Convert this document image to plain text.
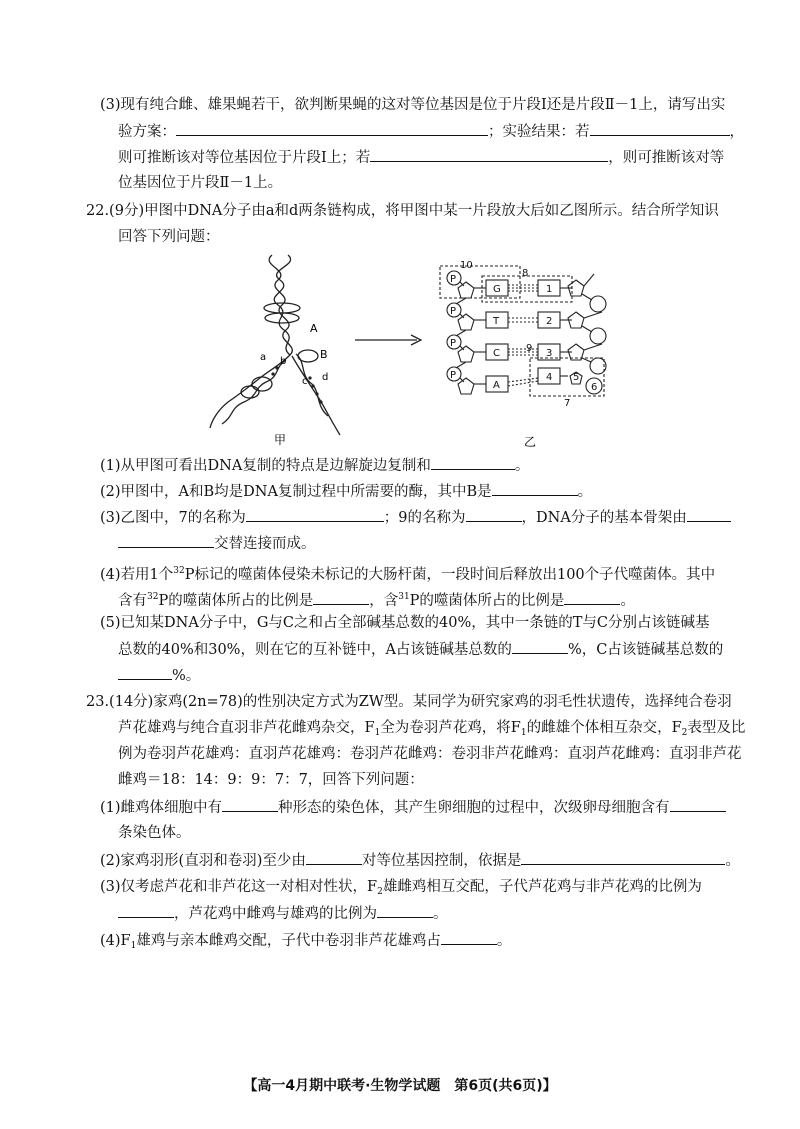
(3)现有纯合雌、雄果蝇若干，欲判断果蝇的这对等位基因是位于片段Ⅰ还是片段Ⅱ－1上，请写出实
验方案：	；实验结果：若	，
则可推断该对等位基因位于片段Ⅰ上；若	，则可推断该对等
位基因位于片段Ⅱ－1上。
22.(9分)甲图中DNA分子由a和d两条链构成，将甲图中某一片段放大后如乙图所示。结合所学知识
回答下列问题：
A
B
a b
c d
甲
P
P
P
P
G
T
C
A
1
2
3
4 5
6
7
8
9
10
乙
(1)从甲图可看出DNA复制的特点是边解旋边复制和	。
(2)甲图中，A和B均是DNA复制过程中所需要的酶，其中B是	。
(3)乙图中，7的名称为	；9的名称为	，DNA分子的基本骨架由
交替连接而成。
(4)若用1个$^{32}$P标记的噬菌体侵染未标记的大肠杆菌，一段时间后释放出100个子代噬菌体。其中
含有$^{32}$P的噬菌体所占的比例是	，含$^{31}$P的噬菌体所占的比例是	。
(5)已知某DNA分子中，G与C之和占全部碱基总数的40%，其中一条链的T与C分别占该链碱基
总数的40%和30%，则在它的互补链中，A占该链碱基总数的	%，C占该链碱基总数的
%。
23.(14分)家鸡(2n=78)的性别决定方式为ZW型。某同学为研究家鸡的羽毛性状遗传，选择纯合卷羽
芦花雄鸡与纯合直羽非芦花雌鸡杂交，$F_1$全为卷羽芦花鸡，将$F_1$的雌雄个体相互杂交，$F_2$表型及比
例为卷羽芦花雄鸡：直羽芦花雄鸡：卷羽芦花雌鸡：卷羽非芦花雌鸡：直羽芦花雌鸡：直羽非芦花
雌鸡＝18：14：9：9：7：7，回答下列问题：
(1)雌鸡体细胞中有	种形态的染色体，其产生卵细胞的过程中，次级卵母细胞含有
条染色体。
(2)家鸡羽形(直羽和卷羽)至少由	对等位基因控制，依据是	。
(3)仅考虑芦花和非芦花这一对相对性状，$F_2$雄雌鸡相互交配，子代芦花鸡与非芦花鸡的比例为
，芦花鸡中雌鸡与雄鸡的比例为	。
$(4)F_1$雄鸡与亲本雌鸡交配，子代中卷羽非芦花雄鸡占	。
【高一4月期中联考·生物学试题　第6页(共6页)】
